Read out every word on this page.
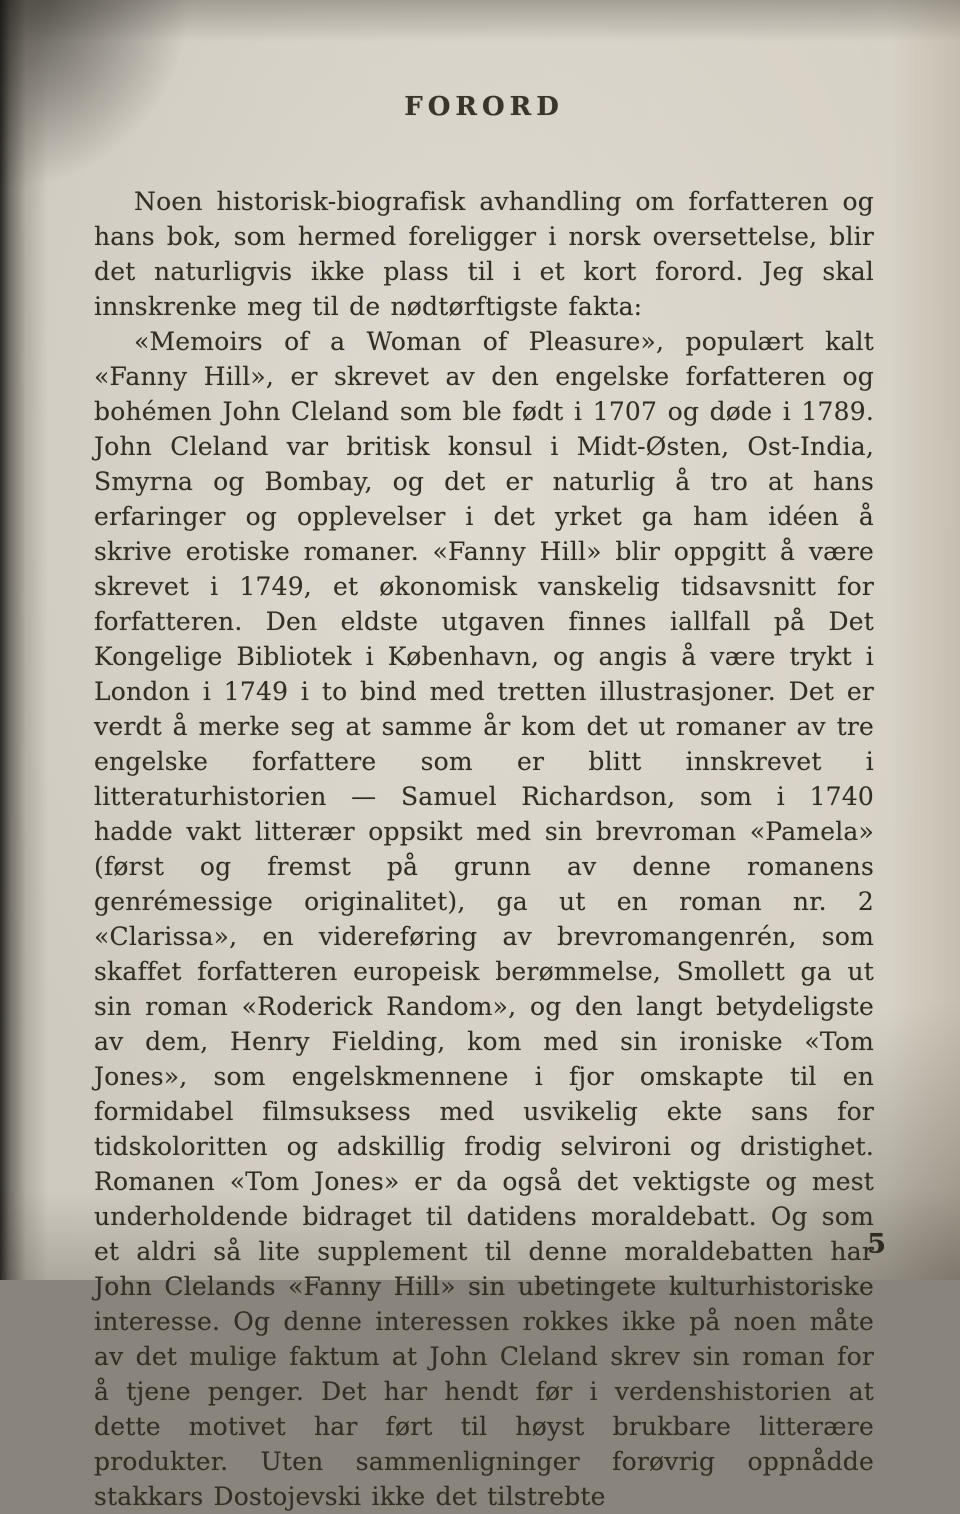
FORORD

Noen historisk-biografisk avhandling om forfatteren og hans bok, som hermed foreligger i norsk oversettelse, blir det naturligvis ikke plass til i et kort forord. Jeg skal innskrenke meg til de nødtørftigste fakta:

«Memoirs of a Woman of Pleasure», populært kalt «Fanny Hill», er skrevet av den engelske forfatteren og bohémen John Cleland som ble født i 1707 og døde i 1789. John Cleland var britisk konsul i Midt-Østen, Ost-India, Smyrna og Bombay, og det er naturlig å tro at hans erfaringer og opplevelser i det yrket ga ham idéen å skrive erotiske romaner. «Fanny Hill» blir oppgitt å være skrevet i 1749, et økonomisk vanskelig tidsavsnitt for forfatteren. Den eldste utgaven finnes iallfall på Det Kongelige Bibliotek i København, og angis å være trykt i London i 1749 i to bind med tretten illustrasjoner. Det er verdt å merke seg at samme år kom det ut romaner av tre engelske forfattere som er blitt innskrevet i litteraturhistorien — Samuel Richardson, som i 1740 hadde vakt litterær oppsikt med sin brevroman «Pamela» (først og fremst på grunn av denne romanens genrémessige originalitet), ga ut en roman nr. 2 «Clarissa», en videreføring av brevromangenrén, som skaffet forfatteren europeisk berømmelse, Smollett ga ut sin roman «Roderick Random», og den langt betydeligste av dem, Henry Fielding, kom med sin ironiske «Tom Jones», som engelskmennene i fjor omskapte til en formidabel filmsuksess med usvikelig ekte sans for tidskoloritten og adskillig frodig selvironi og dristighet. Romanen «Tom Jones» er da også det vektigste og mest underholdende bidraget til datidens moraldebatt. Og som et aldri så lite supplement til denne moraldebatten har John Clelands «Fanny Hill» sin ubetingete kulturhistoriske interesse. Og denne interessen rokkes ikke på noen måte av det mulige faktum at John Cleland skrev sin roman for å tjene penger. Det har hendt før i verdenshistorien at dette motivet har ført til høyst brukbare litterære produkter. Uten sammenligninger forøvrig oppnådde stakkars Dostojevski ikke det tilstrebte

5
